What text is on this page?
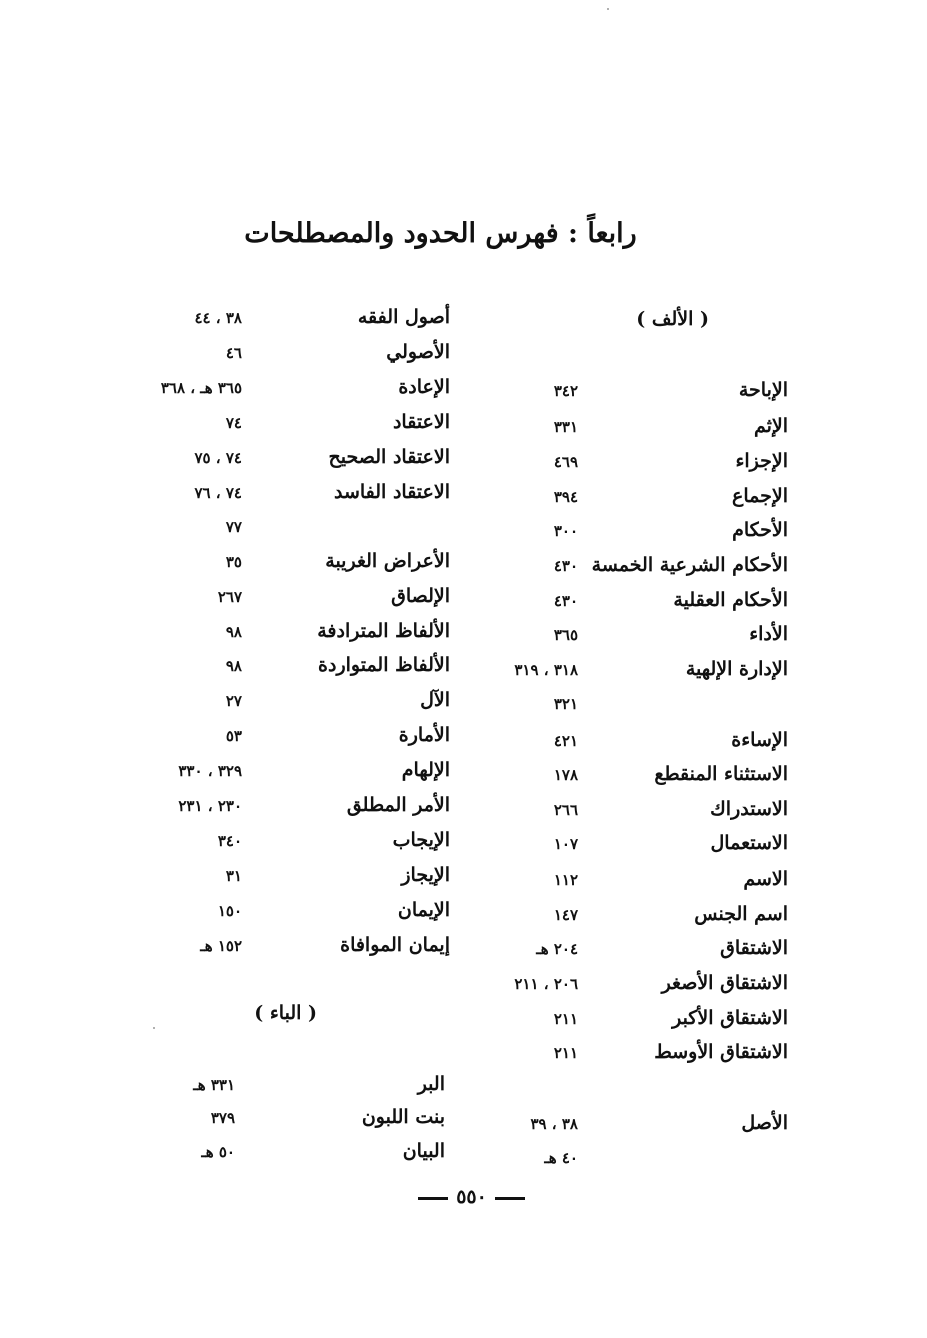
رابعاً : فهرس الحدود والمصطلحات
( الألف )
الإباحة
٣٤٢
الإثم
٣٣١
الإجزاء
٤٦٩
الإجماع
٣٩٤
الأحكام
٣٠٠
الأحكام الشرعية الخمسة
٤٣٠
الأحكام العقلية
٤٣٠
الأداء
٣٦٥
الإدارة الإلهية
٣١٨ ، ٣١٩
٣٢١
الإساءة
٤٢١
الاستثناء المنقطع
١٧٨
الاستدراك
٢٦٦
الاستعمال
١٠٧
الاسم
١١٢
اسم الجنس
١٤٧
الاشتقاق
٢٠٤ هـ
الاشتقاق الأصغر
٢٠٦ ، ٢١١
الاشتقاق الأكبر
٢١١
الاشتقاق الأوسط
٢١١
الأصل
٣٨ ، ٣٩
٤٠ هـ
أصول الفقه
٣٨ ، ٤٤
الأصولي
٤٦
الإعادة
٣٦٥ هـ ، ٣٦٨
الاعتقاد
٧٤
الاعتقاد الصحيح
٧٤ ، ٧٥
الاعتقاد الفاسد
٧٤ ، ٧٦
٧٧
الأعراض الغريبة
٣٥
الإلصاق
٢٦٧
الألفاظ المترادفة
٩٨
الألفاظ المتواردة
٩٨
الآل
٢٧
الأمارة
٥٣
الإلهام
٣٢٩ ، ٣٣٠
الأمر المطلق
٢٣٠ ، ٢٣١
الإيجاب
٣٤٠
الإيجاز
٣١
الإيمان
١٥٠
إيمان الموافاة
١٥٢ هـ
( الباء )
البر
٣٣١ هـ
بنت اللبون
٣٧٩
البيان
٥٠ هـ
٥٥٠
